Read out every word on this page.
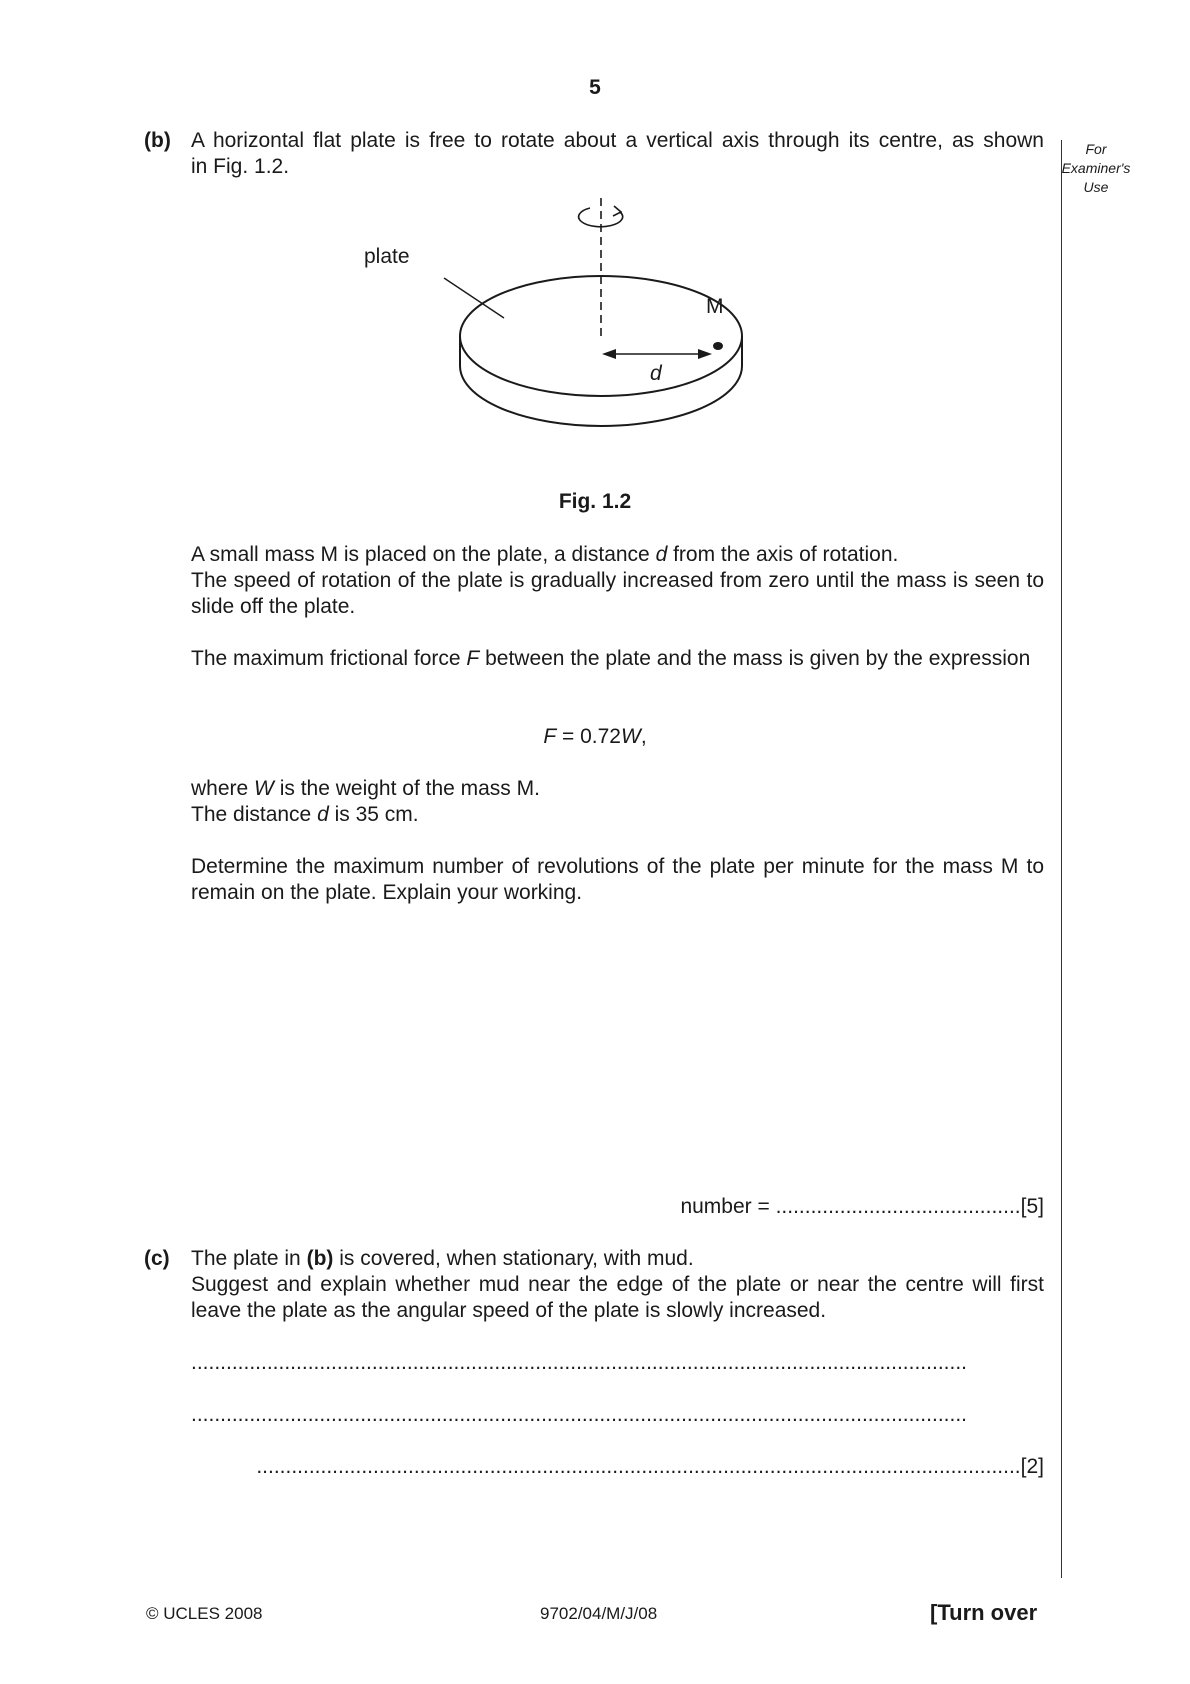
5
For
Examiner's
Use
(b) A horizontal flat plate is free to rotate about a vertical axis through its centre, as shown
in Fig. 1.2.
plate
M
d
Fig. 1.2
A small mass M is placed on the plate, a distance d from the axis of rotation.
The speed of rotation of the plate is gradually increased from zero until the mass is seen to slide off the plate.
The maximum frictional force F between the plate and the mass is given by the expression
F = 0.72W,
where W is the weight of the mass M.
The distance d is 35 cm.
Determine the maximum number of revolutions of the plate per minute for the mass M to remain on the plate. Explain your working.
number = ..........................................[5]
(c) The plate in (b) is covered, when stationary, with mud.
Suggest and explain whether mud near the edge of the plate or near the centre will first leave the plate as the angular speed of the plate is slowly increased.
.....................................................................................................................................
.....................................................................................................................................
...................................................................................................................................[2]
© UCLES 2008	9702/04/M/J/08	[Turn over
